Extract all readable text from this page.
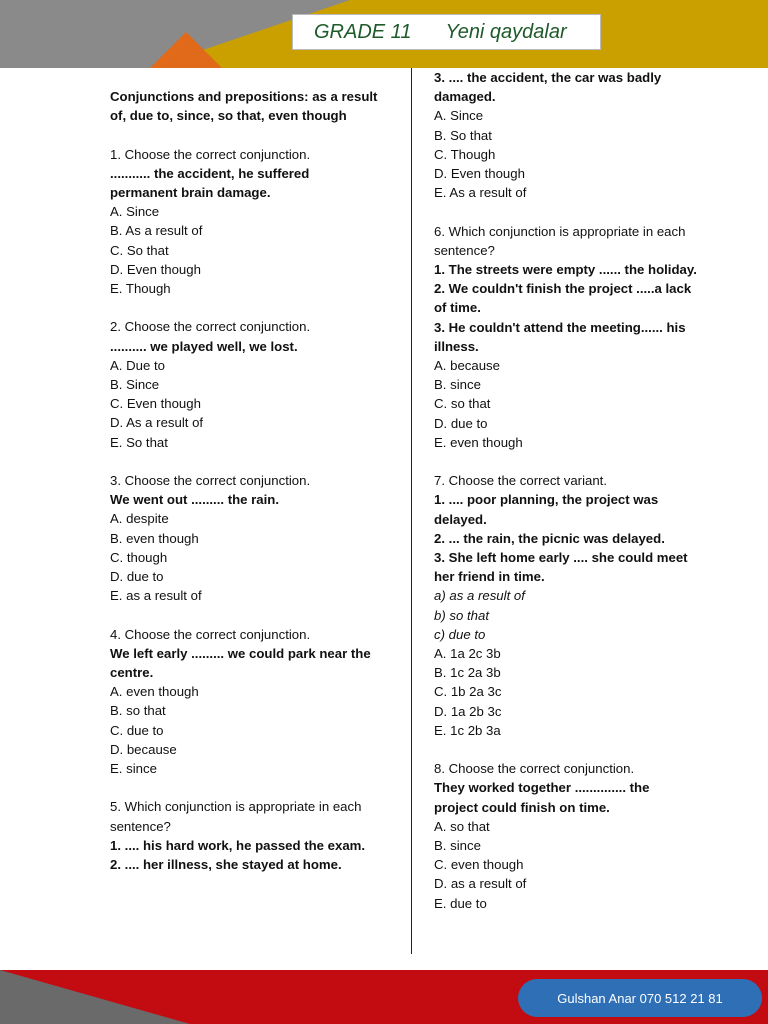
GRADE 11 Yeni qaydalar
Conjunctions and prepositions: as a result
of, due to, since, so that, even though
1. Choose the correct conjunction.
........... the accident, he suffered
permanent brain damage.
A. Since
B. As a result of
C. So that
D. Even though
E. Though
2. Choose the correct conjunction.
.......... we played well, we lost.
A. Due to
B. Since
C. Even though
D. As a result of
E. So that
3. Choose the correct conjunction.
We went out ......... the rain.
A. despite
B. even though
C. though
D. due to
E. as a result of
4. Choose the correct conjunction.
We left early ......... we could park near the
centre.
A. even though
B. so that
C. due to
D. because
E. since
5. Which conjunction is appropriate in each
sentence?
1. .... his hard work, he passed the exam.
2. .... her illness, she stayed at home.
3. .... the accident, the car was badly
damaged.
A. Since
B. So that
C. Though
D. Even though
E. As a result of
6. Which conjunction is appropriate in each
sentence?
1. The streets were empty ...... the holiday.
2. We couldn't finish the project .....a lack
of time.
3. He couldn't attend the meeting...... his
illness.
A. because
B. since
C. so that
D. due to
E. even though
7. Choose the correct variant.
1. .... poor planning, the project was
delayed.
2. ... the rain, the picnic was delayed.
3. She left home early .... she could meet
her friend in time.
a) as a result of
b) so that
c) due to
A. 1a 2c 3b
B. 1c 2a 3b
C. 1b 2a 3c
D. 1a 2b 3c
E. 1c 2b 3a
8. Choose the correct conjunction.
They worked together .............. the
project could finish on time.
A. so that
B. since
C. even though
D. as a result of
E. due to
Gulshan Anar 070 512 21 81
